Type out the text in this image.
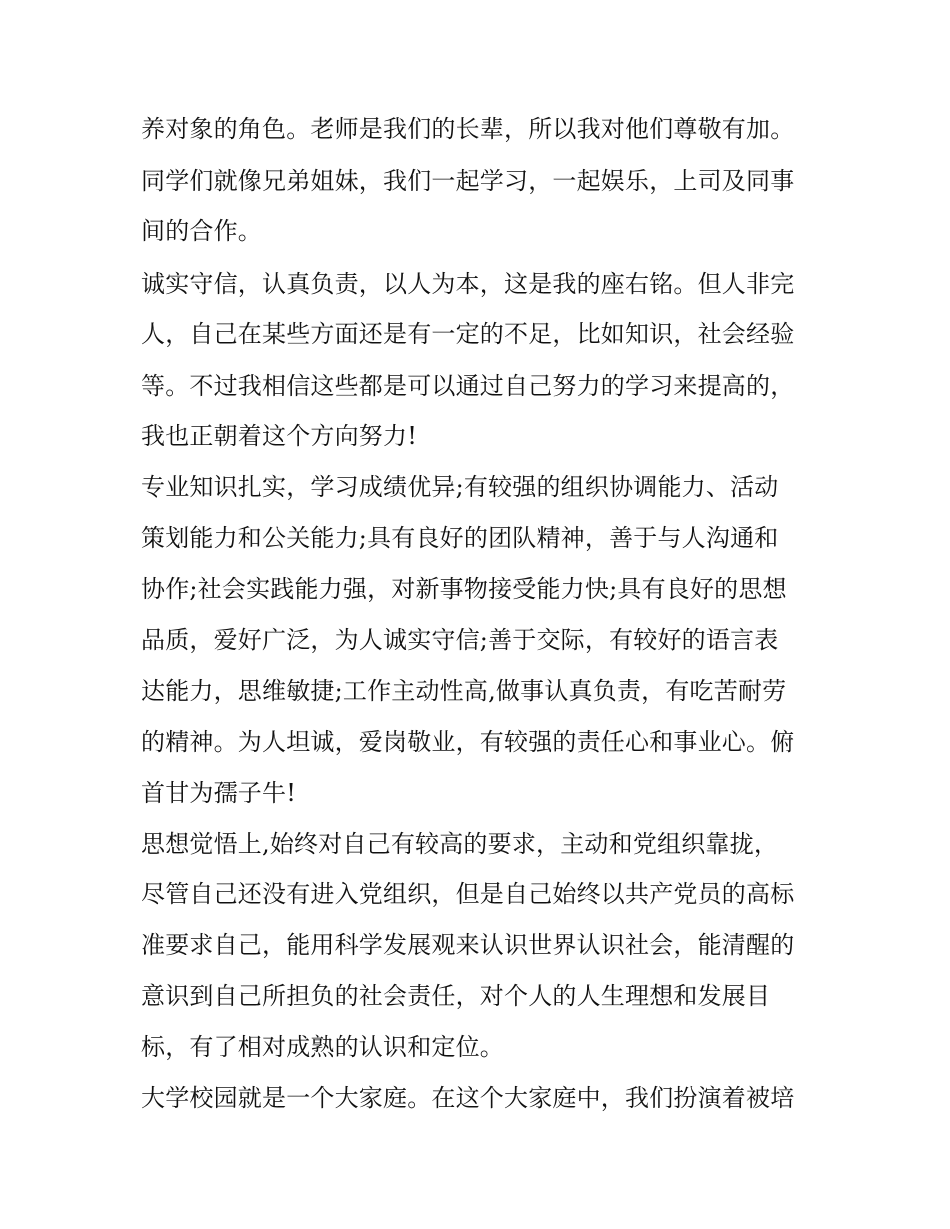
养对象的角色。老师是我们的长辈，所以我对他们尊敬有加。
同学们就像兄弟姐妹，我们一起学习，一起娱乐，上司及同事
间的合作。
诚实守信，认真负责，以人为本，这是我的座右铭。但人非完
人，自己在某些方面还是有一定的不足，比如知识，社会经验
等。不过我相信这些都是可以通过自己努力的学习来提高的，
我也正朝着这个方向努力!
专业知识扎实，学习成绩优异;有较强的组织协调能力、活动
策划能力和公关能力;具有良好的团队精神，善于与人沟通和
协作;社会实践能力强，对新事物接受能力快;具有良好的思想
品质，爱好广泛，为人诚实守信;善于交际，有较好的语言表
达能力，思维敏捷;工作主动性高,做事认真负责，有吃苦耐劳
的精神。为人坦诚，爱岗敬业，有较强的责任心和事业心。俯
首甘为孺子牛!
思想觉悟上,始终对自己有较高的要求，主动和党组织靠拢，
尽管自己还没有进入党组织，但是自己始终以共产党员的高标
准要求自己，能用科学发展观来认识世界认识社会，能清醒的
意识到自己所担负的社会责任，对个人的人生理想和发展目
标，有了相对成熟的认识和定位。
大学校园就是一个大家庭。在这个大家庭中，我们扮演着被培
